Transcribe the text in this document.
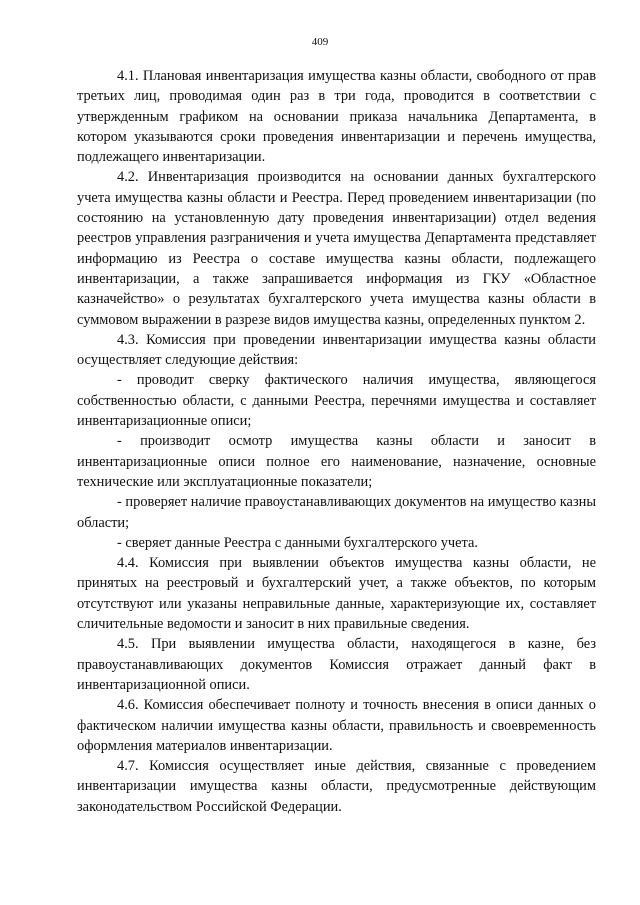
409

4.1. Плановая инвентаризация имущества казны области, свободного от прав третьих лиц, проводимая один раз в три года, проводится в соответствии с утвержденным графиком на основании приказа начальника Департамента, в котором указываются сроки проведения инвентаризации и перечень имущества, подлежащего инвентаризации.

4.2. Инвентаризация производится на основании данных бухгалтерского учета имущества казны области и Реестра. Перед проведением инвентаризации (по состоянию на установленную дату проведения инвентаризации) отдел ведения реестров управления разграничения и учета имущества Департамента представляет информацию из Реестра о составе имущества казны области, подлежащего инвентаризации, а также запрашивается информация из ГКУ «Областное казначейство» о результатах бухгалтерского учета имущества казны области в суммовом выражении в разрезе видов имущества казны, определенных пунктом 2.

4.3. Комиссия при проведении инвентаризации имущества казны области осуществляет следующие действия:

- проводит сверку фактического наличия имущества, являющегося собственностью области, с данными Реестра, перечнями имущества и составляет инвентаризационные описи;

- производит осмотр имущества казны области и заносит в инвентаризационные описи полное его наименование, назначение, основные технические или эксплуатационные показатели;

- проверяет наличие правоустанавливающих документов на имущество казны области;

- сверяет данные Реестра с данными бухгалтерского учета.

4.4. Комиссия при выявлении объектов имущества казны области, не принятых на реестровый и бухгалтерский учет, а также объектов, по которым отсутствуют или указаны неправильные данные, характеризующие их, составляет сличительные ведомости и заносит в них правильные сведения.

4.5. При выявлении имущества области, находящегося в казне, без правоустанавливающих документов Комиссия отражает данный факт в инвентаризационной описи.

4.6. Комиссия обеспечивает полноту и точность внесения в описи данных о фактическом наличии имущества казны области, правильность и своевременность оформления материалов инвентаризации.

4.7. Комиссия осуществляет иные действия, связанные с проведением инвентаризации имущества казны области, предусмотренные действующим законодательством Российской Федерации.
